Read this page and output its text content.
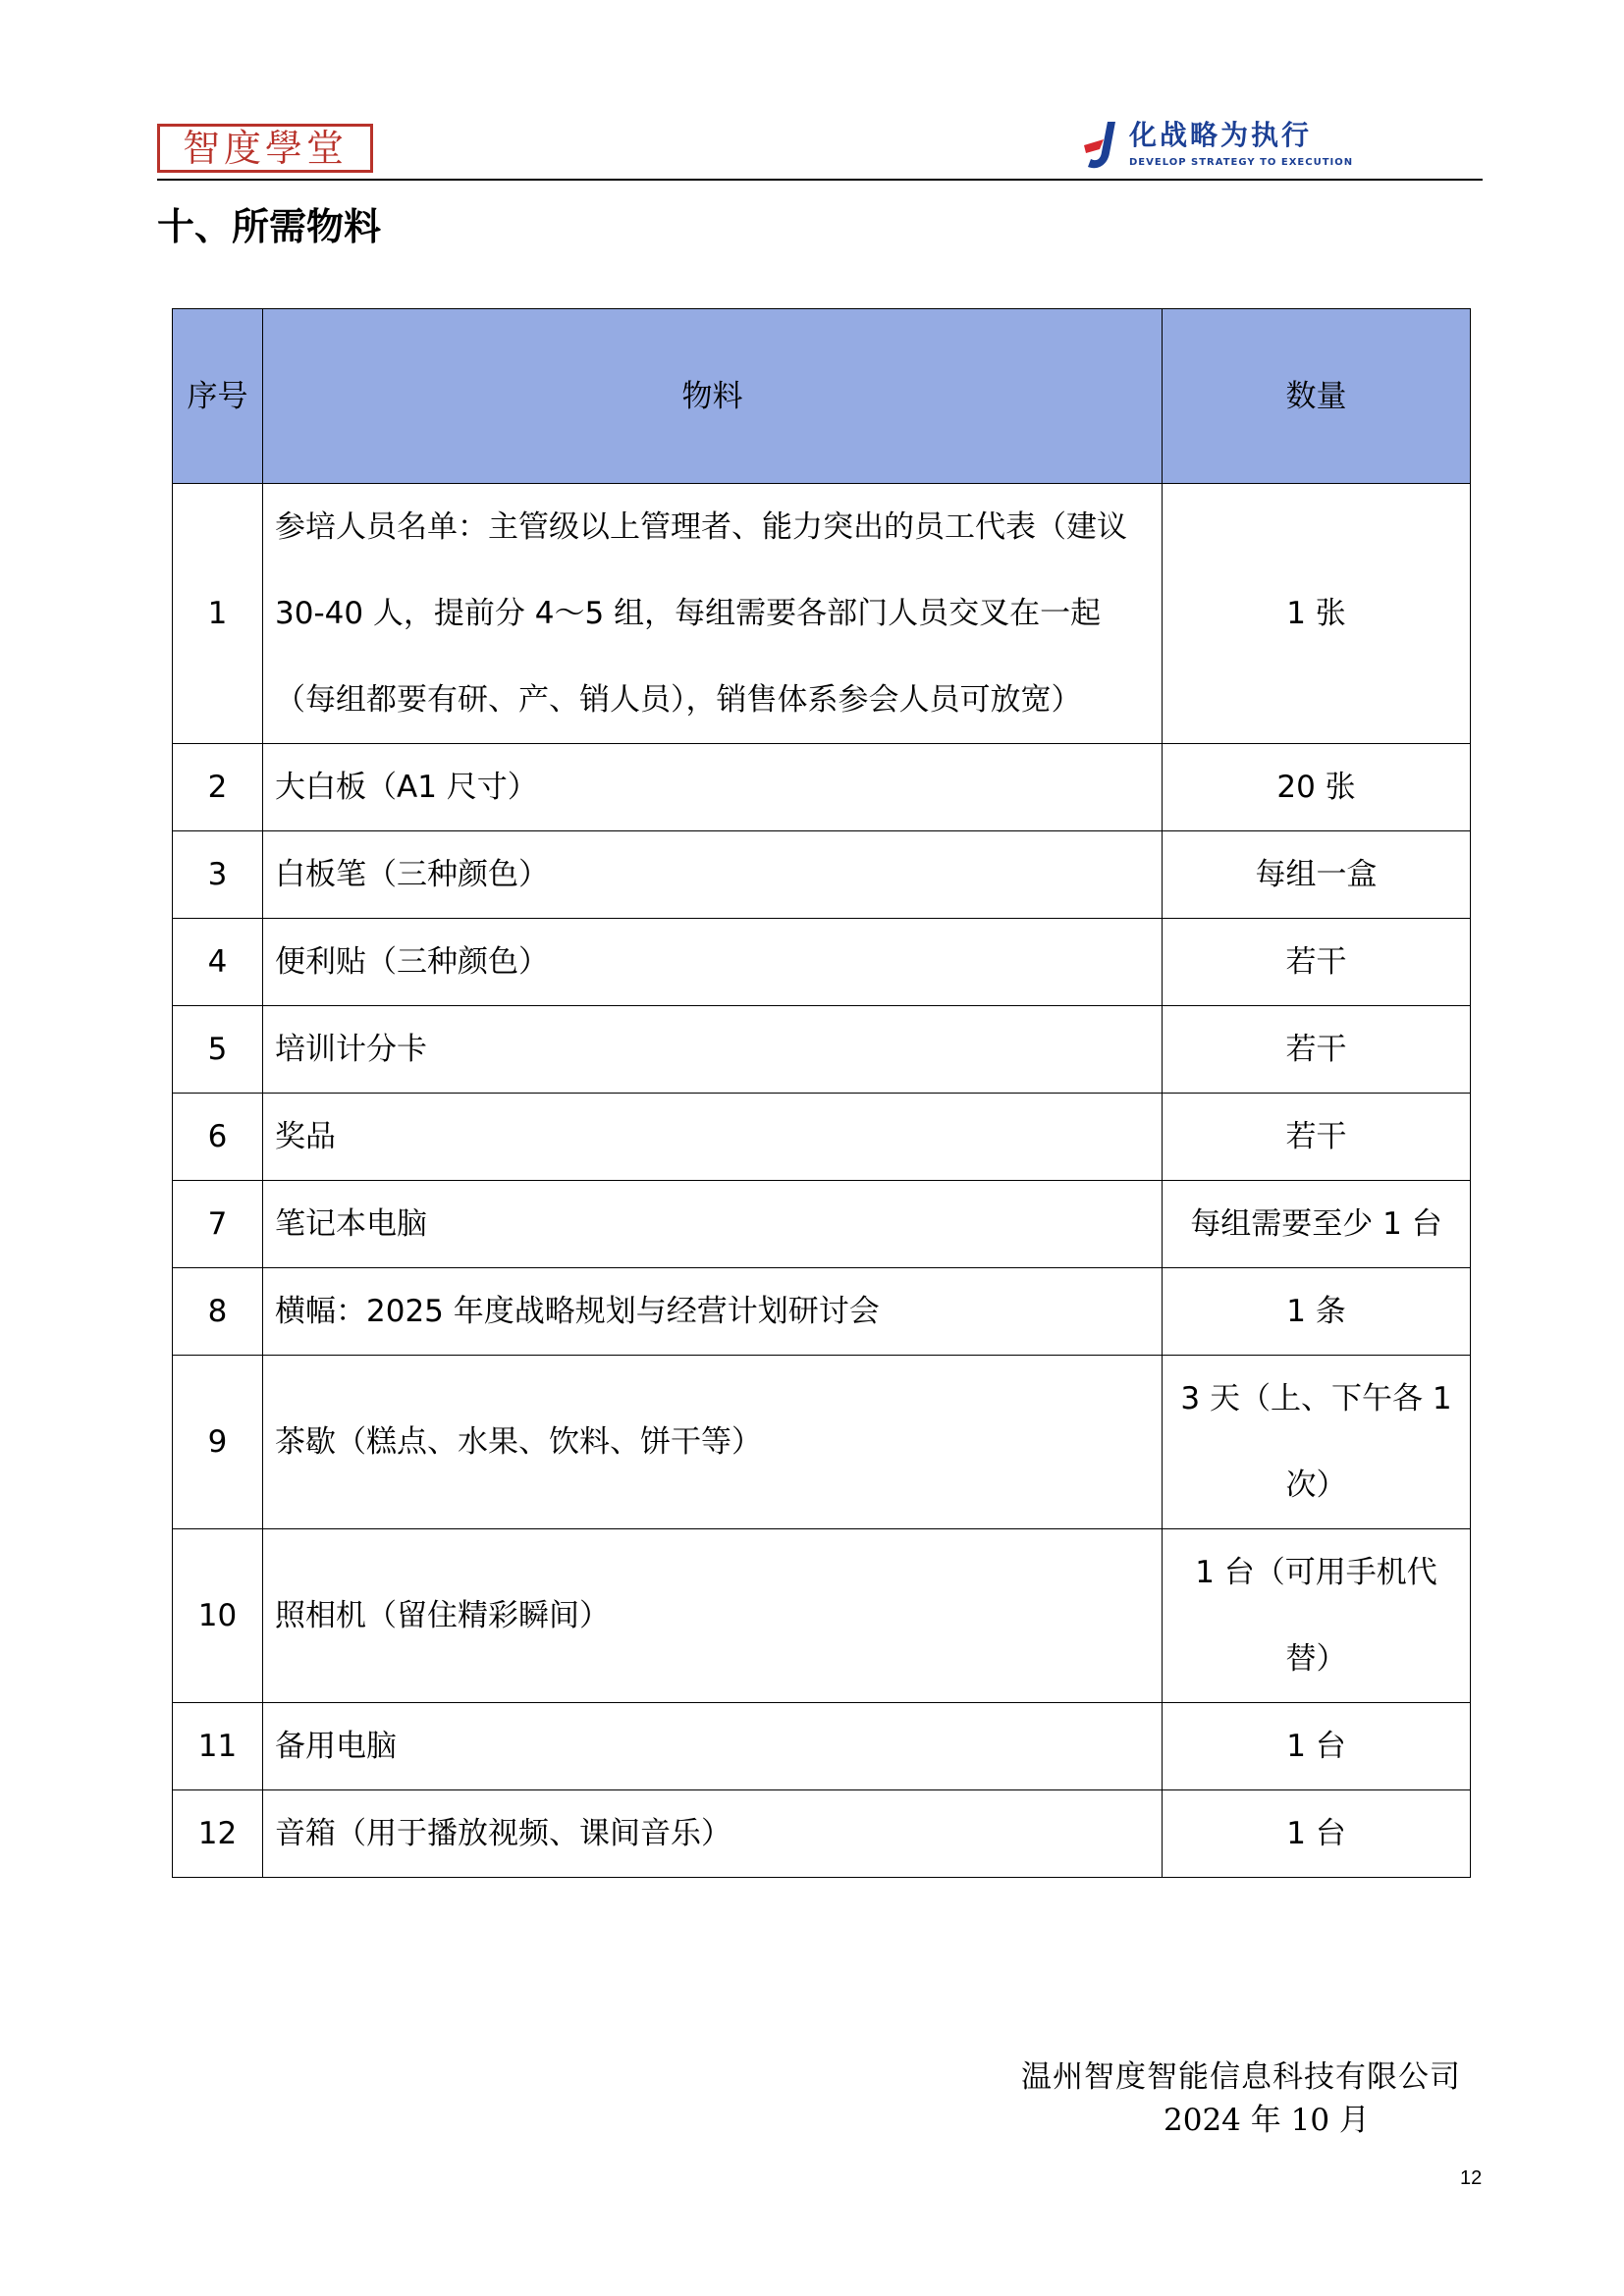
智度學堂	化战略为执行
DEVELOP STRATEGY TO EXECUTION
十、所需物料
序号	物料	数量
1	参培人员名单：主管级以上管理者、能力突出的员工代表（建议 30-40 人，提前分 4～5 组，每组需要各部门人员交叉在一起（每组都要有研、产、销人员），销售体系参会人员可放宽）	1 张
2	大白板（A1 尺寸）	20 张
3	白板笔（三种颜色）	每组一盒
4	便利贴（三种颜色）	若干
5	培训计分卡	若干
6	奖品	若干
7	笔记本电脑	每组需要至少 1 台
8	横幅：2025 年度战略规划与经营计划研讨会	1 条
9	茶歇（糕点、水果、饮料、饼干等）	3 天（上、下午各 1 次）
10	照相机（留住精彩瞬间）	1 台（可用手机代替）
11	备用电脑	1 台
12	音箱（用于播放视频、课间音乐）	1 台
温州智度智能信息科技有限公司
2024 年 10 月
12
